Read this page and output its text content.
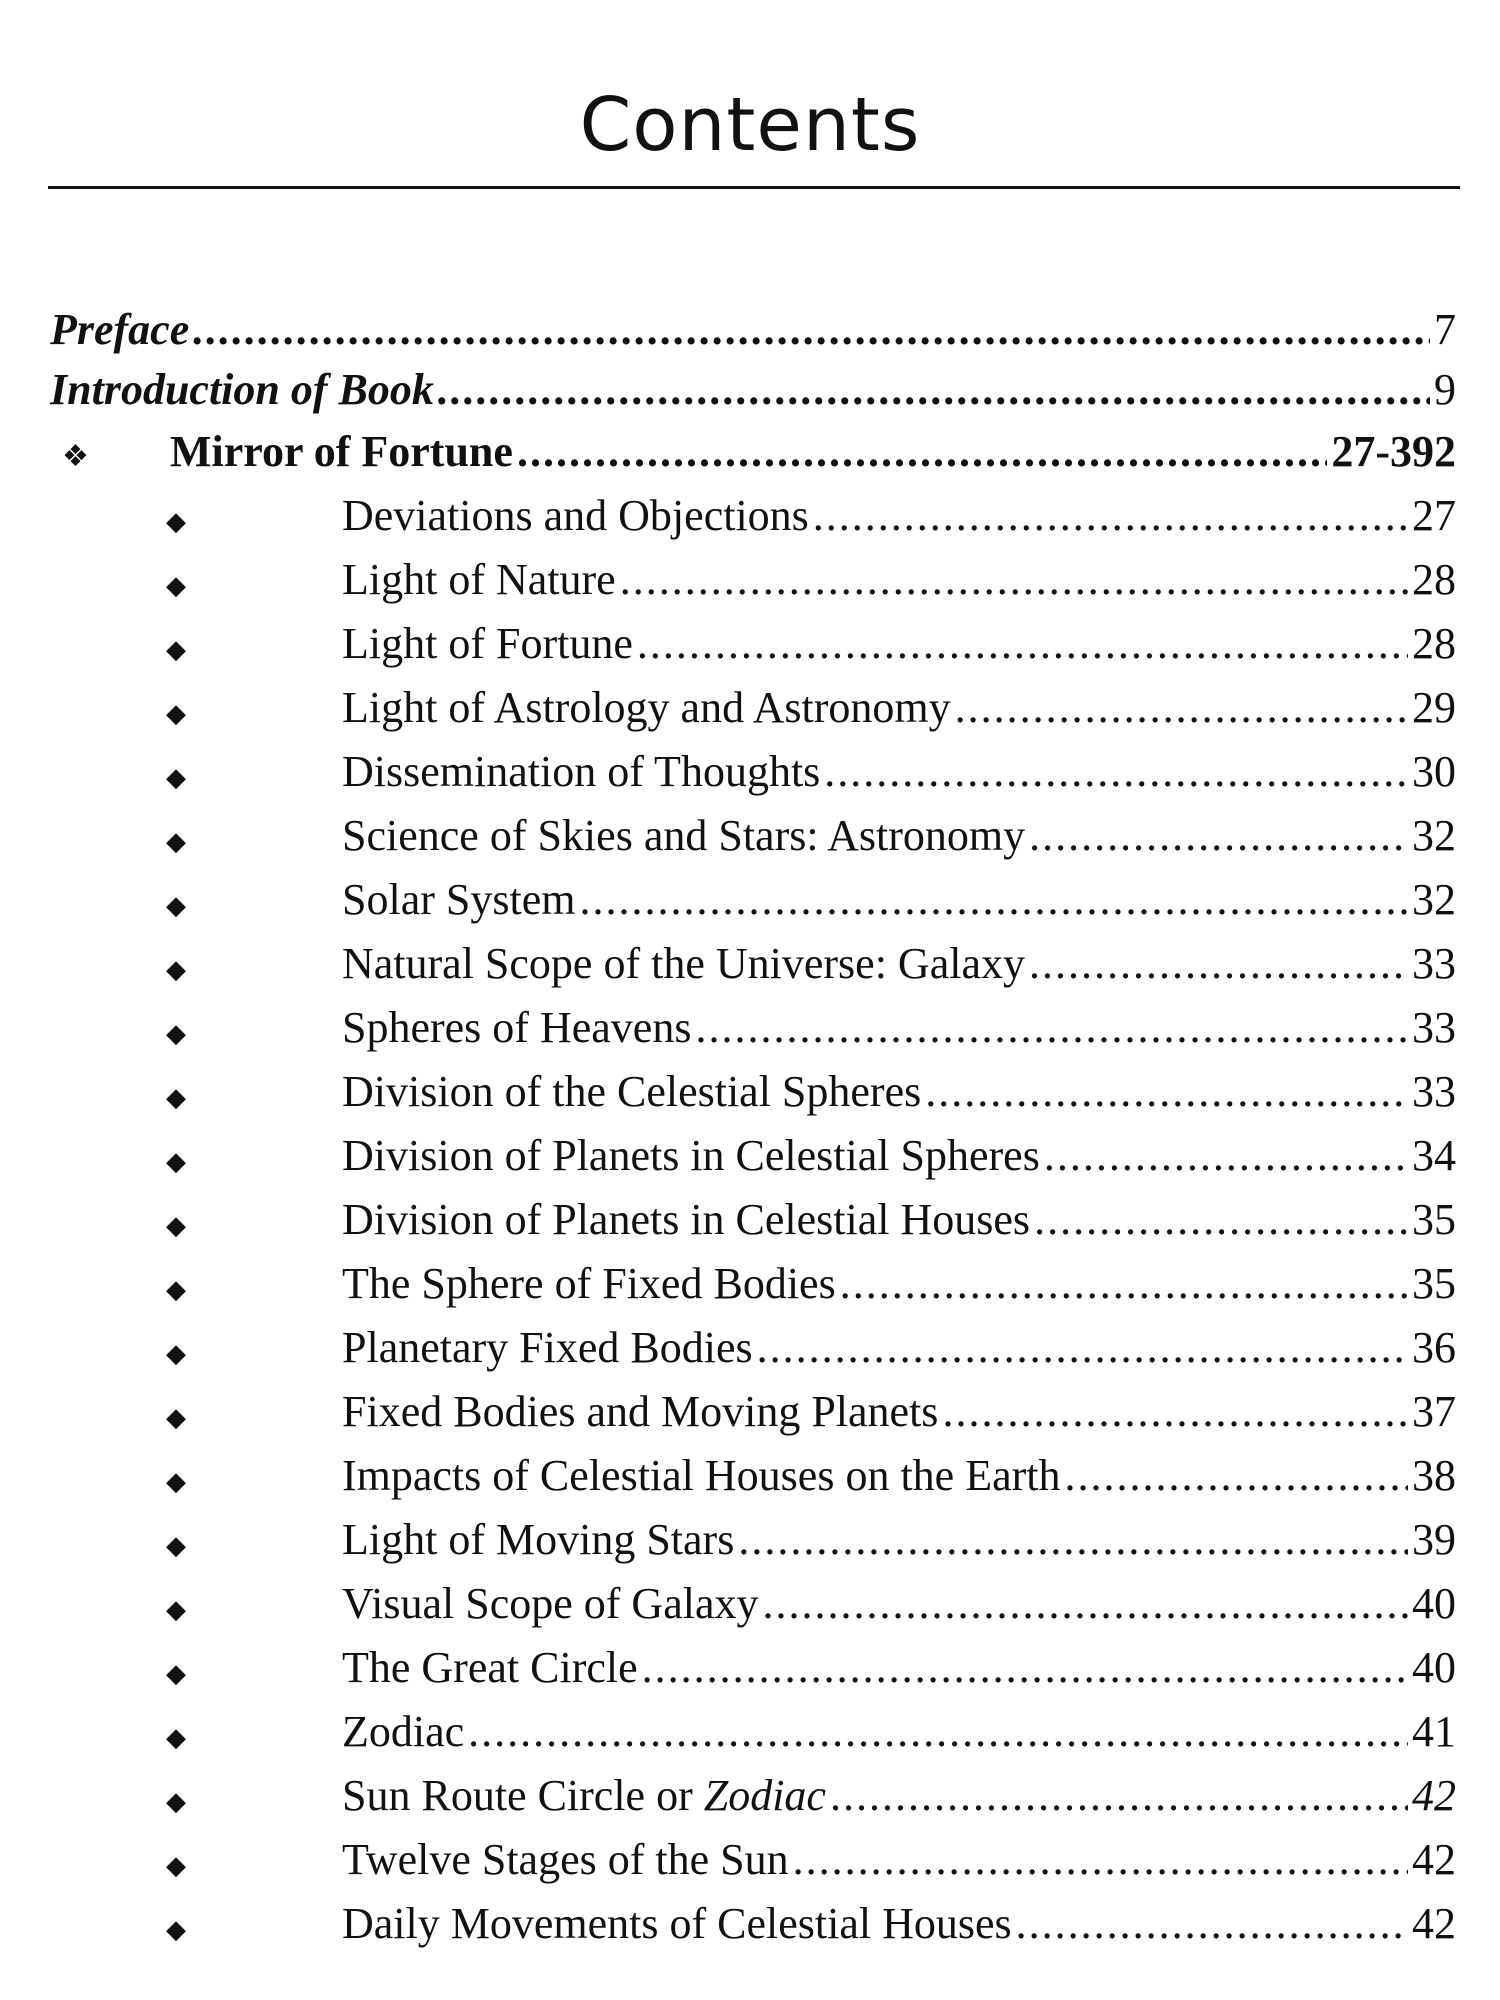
Contents
Preface .....	7
Introduction of Book .....	9
❖	Mirror of Fortune .....	27-392
◆	Deviations and Objections .....	27
◆	Light of Nature .....	28
◆	Light of Fortune .....	28
◆	Light of Astrology and Astronomy .....	29
◆	Dissemination of Thoughts .....	30
◆	Science of Skies and Stars: Astronomy .....	32
◆	Solar System .....	32
◆	Natural Scope of the Universe: Galaxy .....	33
◆	Spheres of Heavens .....	33
◆	Division of the Celestial Spheres .....	33
◆	Division of Planets in Celestial Spheres .....	34
◆	Division of Planets in Celestial Houses .....	35
◆	The Sphere of Fixed Bodies .....	35
◆	Planetary Fixed Bodies .....	36
◆	Fixed Bodies and Moving Planets .....	37
◆	Impacts of Celestial Houses on the Earth .....	38
◆	Light of Moving Stars .....	39
◆	Visual Scope of Galaxy .....	40
◆	The Great Circle .....	40
◆	Zodiac .....	41
◆	Sun Route Circle or Zodiac .....	42
◆	Twelve Stages of the Sun .....	42
◆	Daily Movements of Celestial Houses .....	42
